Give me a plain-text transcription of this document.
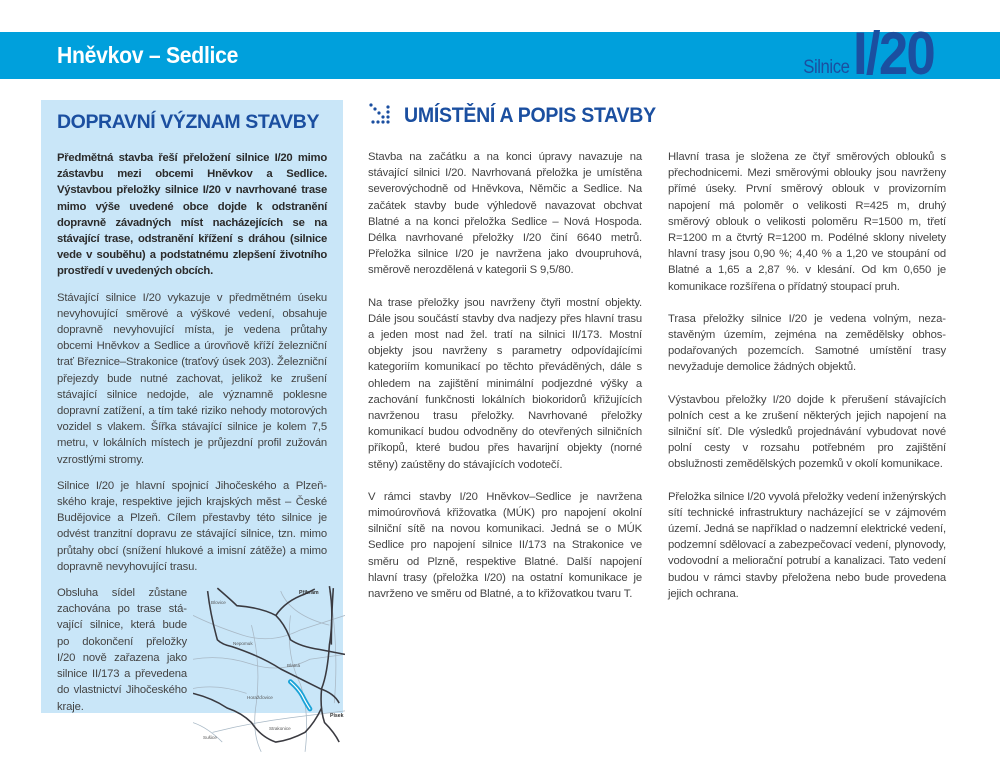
Hněvkov – Sedlice	Silnice I/20
DOPRAVNÍ VÝZNAM STAVBY

Předmětná stavba řeší přeložení silnice I/20 mimo zástavbu mezi obcemi Hněvkov a Sedlice. Výstavbou přeložky silnice I/20 v navrhované trase mimo výše uvedené obce dojde k odstranění dopravně závadných míst nacházejících se na stávající trase, odstranění křížení s dráhou (silnice vede v souběhu) a podstatnému zlepšení životního prostředí v uvedených obcích.

Stávající silnice I/20 vykazuje v předmětném úseku nevyhovující směrové a výškové vedení, obsahuje dopravně nevyhovující místa, je vedena průtahy obcemi Hněvkov a Sedlice a úrovňově kříží železniční trať Březnice–Strakonice (traťový úsek 203). Železniční přejezdy bude nutné zachovat, jelikož ke zrušení stávající silnice nedojde, ale významně poklesne dopravní zatížení, a tím také riziko nehody motorových vozidel s vlakem. Šířka stávající silnice je kolem 7,5 metru, v lokálních místech je průjezdní profil zužován vzrostlými stromy.

Silnice I/20 je hlavní spojnicí Jihočeského a Plzeňského kraje, respektive jejich krajských měst – České Budějovice a Plzeň. Cílem přestavby této silnice je odvést tranzitní dopravu ze stávající silnice, tzn. mimo průtahy obcí (snížení hlukové a imisní zátěže) a mimo dopravně nevyhovující trasu.

Obsluha sídel zůstane zachována po trase stávající silnice, která bude po dokončení přeložky I/20 nově zařazena jako silnice II/173 a převedena do vlastnictví Jihočeského kraje.

Příbram
Blovice
Nepomuk
Blatná
Horažďovice
Písek
Strakonice
Sušice
UMÍSTĚNÍ A POPIS STAVBY

Stavba na začátku a na konci úpravy navazuje na stávající silnici I/20. Navrhovaná přeložka je umístěna severovýchodně od Hněvkova, Němčic a Sedlice. Na začátek stavby bude výhledově navazovat obchvat Blatné a na konci přeložka Sedlice – Nová Hospoda. Délka navrhované přeložky I/20 činí 6640 metrů. Přeložka silnice I/20 je navržena jako dvoupruhová, směrově nerozdělená v kategorii S 9,5/80.

Na trase přeložky jsou navrženy čtyři mostní objekty. Dále jsou součástí stavby dva nadjezy přes hlavní trasu a jeden most nad žel. tratí na silnici II/173. Mostní objekty jsou navrženy s parametry odpovídajícími kategoriím komunikací po těchto převáděných, dále s ohledem na zajištění minimální podjezdné výšky a zachování funkčnosti lokálních biokoridorů křižujících navrženou trasu přeložky. Navrhované přeložky komunikací budou odvodněny do otevřených silničních příkopů, které budou přes havarijní objekty (norné stěny) zaústěny do stávajících vodotečí.

V rámci stavby I/20 Hněvkov–Sedlice je navržena mimoúrovňová křižovatka (MÚK) pro napojení okolní silniční sítě na novou komunikaci. Jedná se o MÚK Sedlice pro napojení silnice II/173 na Strakonice ve směru od Plzně, respektive Blatné. Další napojení hlavní trasy (přeložka I/20) na ostatní komunikace je navrženo ve směru od Blatné, a to křižovatkou tvaru T.

Hlavní trasa je složena ze čtyř směrových oblouků s přechodnicemi. Mezi směrovými oblouky jsou navrženy přímé úseky. První směrový oblouk v provizorním napojení má poloměr o velikosti R=425 m, druhý směrový oblouk o velikosti poloměru R=1500 m, třetí R=1200 m a čtvrtý R=1200 m. Podélné sklony nivelety hlavní trasy jsou 0,90 %; 4,40 % a 1,20 ve stoupání od Blatné a 1,65 a 2,87 %. v klesání. Od km 0,650 je komunikace rozšířena o přídatný stoupací pruh.

Trasa přeložky silnice I/20 je vedena volným, nezastavěným územím, zejména na zemědělsky obhospodařovaných pozemcích. Samotné umístění trasy nevyžaduje demolice žádných objektů.

Výstavbou přeložky I/20 dojde k přerušení stávajících polních cest a ke zrušení některých jejich napojení na silniční síť. Dle výsledků projednávání vybudovat nové polní cesty v rozsahu potřebném pro zajištění obslužnosti zemědělských pozemků v okolí komunikace.

Přeložka silnice I/20 vyvolá přeložky vedení inženýrských sítí technické infrastruktury nacházející se v zájmovém území. Jedná se například o nadzemní elektrické vedení, podzemní sdělovací a zabezpečovací vedení, plynovody, vodovodní a meliorační potrubí a kanalizaci. Tato vedení budou v rámci stavby přeložena nebo bude provedena jejich ochrana.
